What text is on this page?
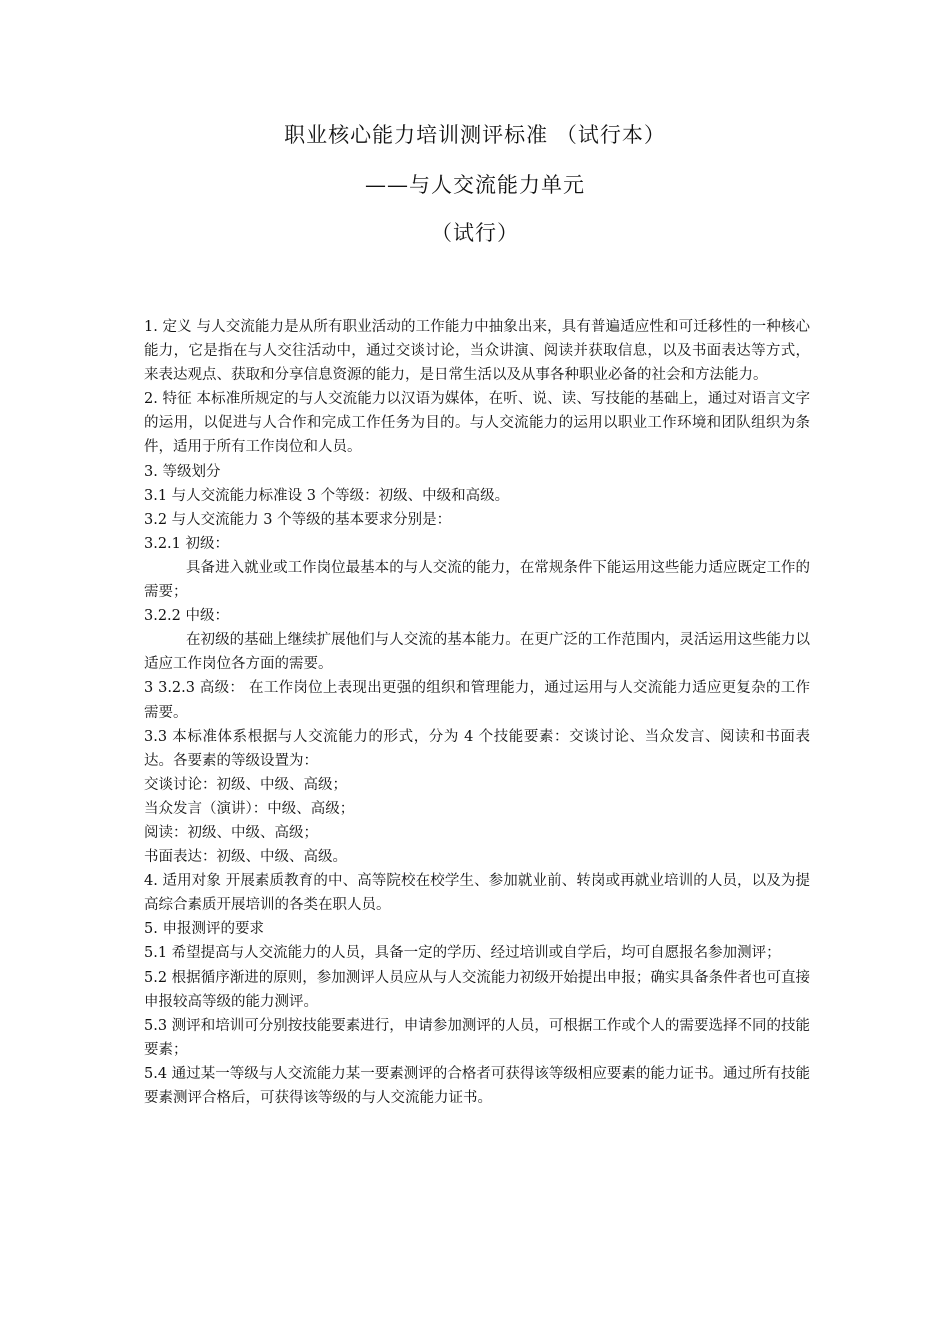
职业核心能力培训测评标准 （试行本）
——与人交流能力单元
（试行）

1. 定义 与人交流能力是从所有职业活动的工作能力中抽象出来，具有普遍适应性和可迁移性的一种核心能力，它是指在与人交往活动中，通过交谈讨论，当众讲演、阅读并获取信息，以及书面表达等方式，来表达观点、获取和分享信息资源的能力，是日常生活以及从事各种职业必备的社会和方法能力。

2. 特征 本标准所规定的与人交流能力以汉语为媒体，在听、说、读、写技能的基础上，通过对语言文字的运用，以促进与人合作和完成工作任务为目的。与人交流能力的运用以职业工作环境和团队组织为条件，适用于所有工作岗位和人员。

3. 等级划分

3.1 与人交流能力标准设 3 个等级：初级、中级和高级。

3.2 与人交流能力 3 个等级的基本要求分别是：

3.2.1 初级：

具备进入就业或工作岗位最基本的与人交流的能力，在常规条件下能运用这些能力适应既定工作的需要；

3.2.2 中级：

在初级的基础上继续扩展他们与人交流的基本能力。在更广泛的工作范围内，灵活运用这些能力以适应工作岗位各方面的需要。

3 3.2.3 高级： 在工作岗位上表现出更强的组织和管理能力，通过运用与人交流能力适应更复杂的工作需要。

3.3 本标准体系根据与人交流能力的形式，分为 4 个技能要素：交谈讨论、当众发言、阅读和书面表达。各要素的等级设置为：

交谈讨论：初级、中级、高级；

当众发言（演讲）：中级、高级；

阅读：初级、中级、高级；

书面表达：初级、中级、高级。

4. 适用对象 开展素质教育的中、高等院校在校学生、参加就业前、转岗或再就业培训的人员，以及为提高综合素质开展培训的各类在职人员。

5. 申报测评的要求

5.1 希望提高与人交流能力的人员，具备一定的学历、经过培训或自学后，均可自愿报名参加测评；

5.2 根据循序渐进的原则，参加测评人员应从与人交流能力初级开始提出申报；确实具备条件者也可直接申报较高等级的能力测评。

5.3 测评和培训可分别按技能要素进行，申请参加测评的人员，可根据工作或个人的需要选择不同的技能要素；

5.4 通过某一等级与人交流能力某一要素测评的合格者可获得该等级相应要素的能力证书。通过所有技能要素测评合格后，可获得该等级的与人交流能力证书。
